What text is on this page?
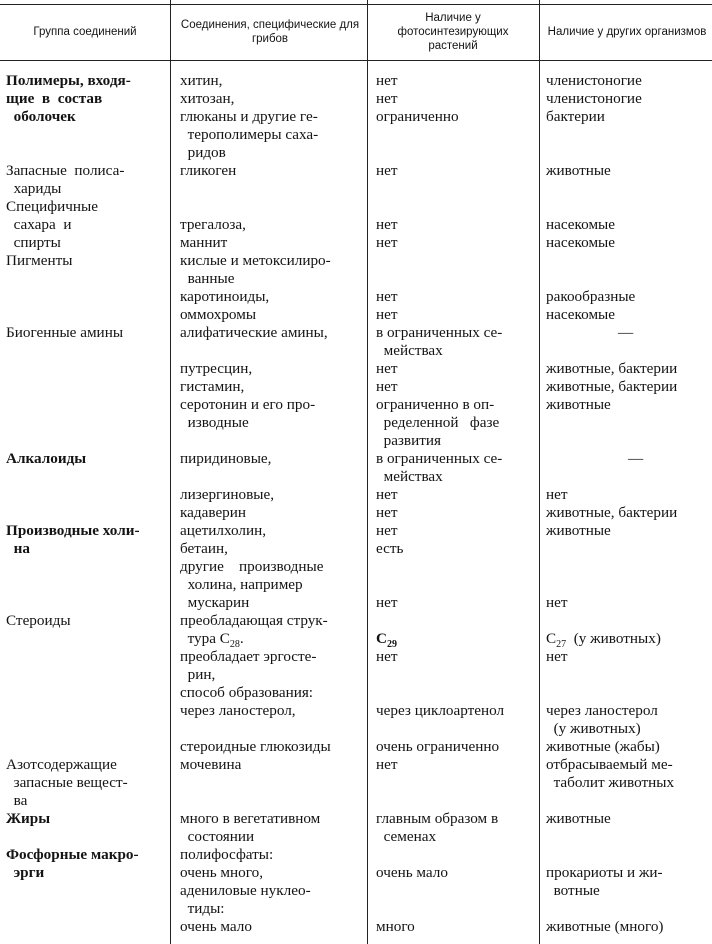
Группа соединений
Соединения, специфические для грибов
Наличие у фотосинтезирующих растений
Наличие у других организмов
Полимеры, входя-
щие  в  состав
оболочек
Запасные  полиса-
хариды
Специфичные
сахара  и
спирты
Пигменты
Биогенные амины
Алкалоиды
Производные холи-
на
Стероиды
Азотсодержащие
запасные вещест-
ва
Жиры
Фосфорные макро-
эрги
хитин,
хитозан,
глюканы и другие ге-
терополимеры саха-
ридов
гликоген
трегалоза,
маннит
кислые и метоксилиро-
ванные
каротиноиды,
оммохромы
алифатические амины,
путресцин,
гистамин,
серотонин и его про-
изводные
пиридиновые,
лизергиновые,
кадаверин
ацетилхолин,
бетаин,
другие    производные
холина, например
мускарин
преобладающая струк-
тура $C_{28}$.
преобладает эргосте-
рин,
способ образования:
через ланостерол,
стероидные глюкозиды
мочевина
много в вегетативном
состоянии
полифосфаты:
очень много,
адениловые нуклео-
тиды:
очень мало
нет
нет
ограниченно
нет
нет
нет
нет
нет
в ограниченных се-
мействах
нет
нет
ограниченно в оп-
ределенной   фазе
развития
в ограниченных се-
мействах
нет
нет
нет
есть
нет
$C_{29}$
нет
через циклоартенол
очень ограниченно
нет
главным образом в
семенах
очень мало
много
членистоногие
членистоногие
бактерии
животные
насекомые
насекомые
ракообразные
насекомые
—
животные, бактерии
животные, бактерии
животные
—
нет
животные, бактерии
животные
нет
$C_{27}$  (у животных)
нет
через ланостерол
(у животных)
животные (жабы)
отбрасываемый ме-
таболит животных
животные
прокариоты и жи-
вотные
животные (много)
